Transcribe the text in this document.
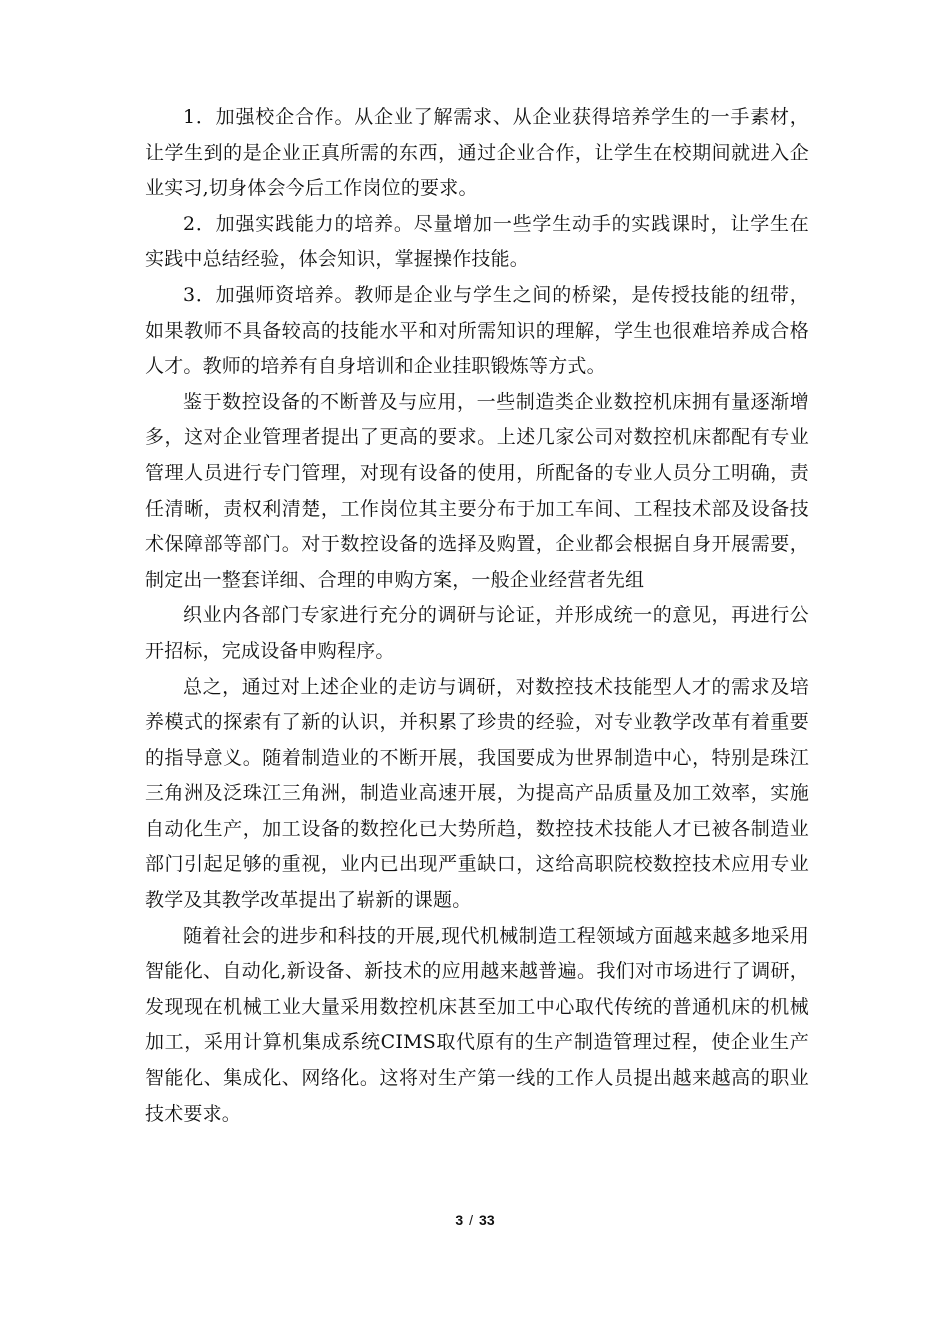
1．加强校企合作。从企业了解需求、从企业获得培养学生的一手素材，让学生到的是企业正真所需的东西，通过企业合作，让学生在校期间就进入企业实习,切身体会今后工作岗位的要求。

2．加强实践能力的培养。尽量增加一些学生动手的实践课时，让学生在实践中总结经验，体会知识，掌握操作技能。

3．加强师资培养。教师是企业与学生之间的桥梁，是传授技能的纽带，如果教师不具备较高的技能水平和对所需知识的理解，学生也很难培养成合格人才。教师的培养有自身培训和企业挂职锻炼等方式。

鉴于数控设备的不断普及与应用，一些制造类企业数控机床拥有量逐渐增多，这对企业管理者提出了更高的要求。上述几家公司对数控机床都配有专业管理人员进行专门管理，对现有设备的使用，所配备的专业人员分工明确，责任清晰，责权利清楚，工作岗位其主要分布于加工车间、工程技术部及设备技术保障部等部门。对于数控设备的选择及购置，企业都会根据自身开展需要，制定出一整套详细、合理的申购方案，一般企业经营者先组

织业内各部门专家进行充分的调研与论证，并形成统一的意见，再进行公开招标，完成设备申购程序。

总之，通过对上述企业的走访与调研，对数控技术技能型人才的需求及培养模式的探索有了新的认识，并积累了珍贵的经验，对专业教学改革有着重要的指导意义。随着制造业的不断开展，我国要成为世界制造中心，特别是珠江三角洲及泛珠江三角洲，制造业高速开展，为提高产品质量及加工效率，实施自动化生产，加工设备的数控化已大势所趋，数控技术技能人才已被各制造业部门引起足够的重视，业内已出现严重缺口，这给高职院校数控技术应用专业教学及其教学改革提出了崭新的课题。

随着社会的进步和科技的开展,现代机械制造工程领域方面越来越多地采用智能化、自动化,新设备、新技术的应用越来越普遍。我们对市场进行了调研，发现现在机械工业大量采用数控机床甚至加工中心取代传统的普通机床的机械加工，采用计算机集成系统CIMS取代原有的生产制造管理过程，使企业生产智能化、集成化、网络化。这将对生产第一线的工作人员提出越来越高的职业技术要求。

3 / 33
